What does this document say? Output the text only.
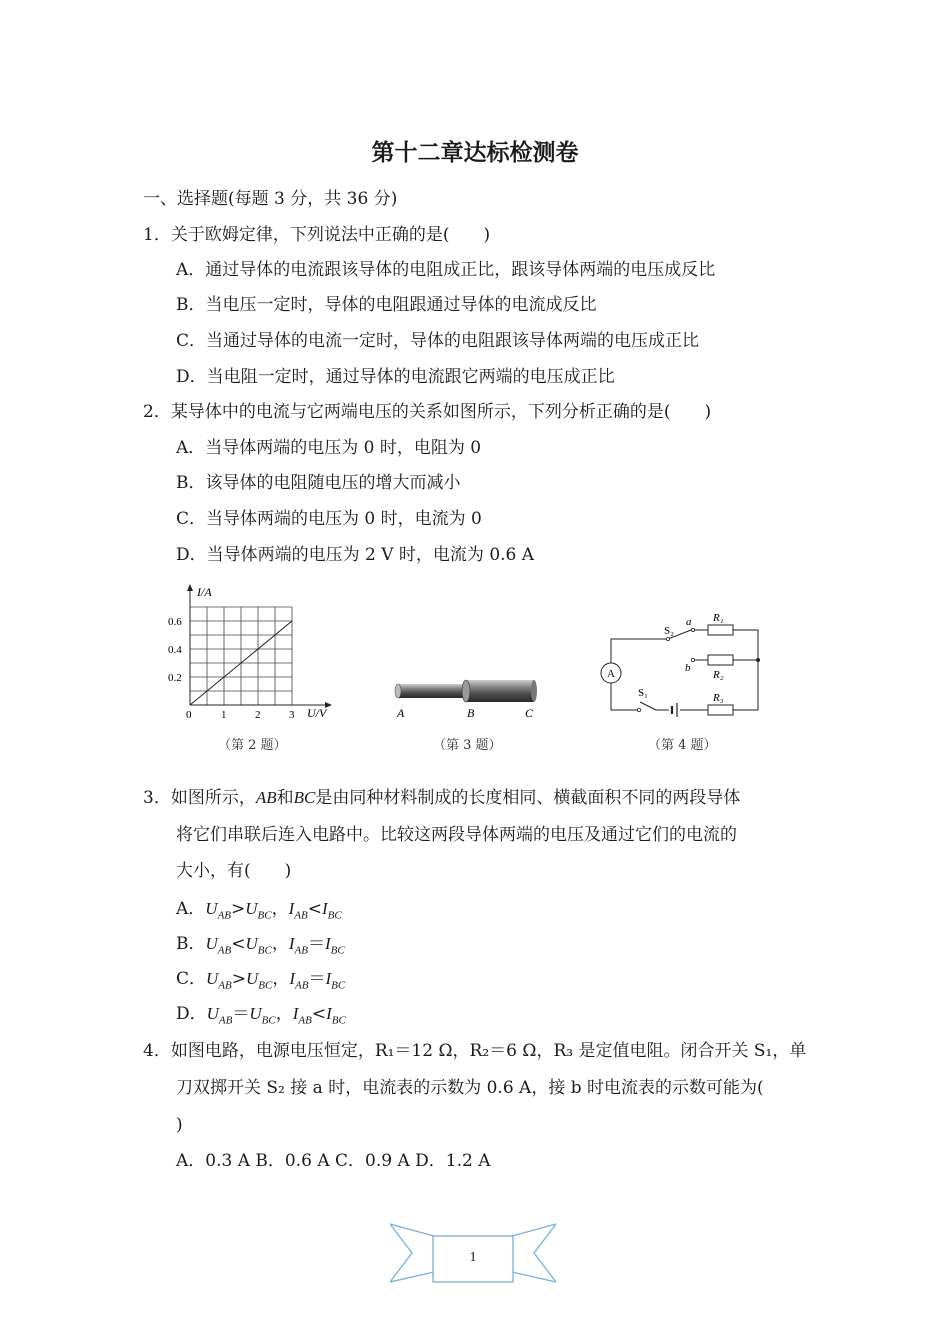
第十二章达标检测卷
一、选择题(每题 3 分，共 36 分)
1．关于欧姆定律，下列说法中正确的是(　　)
A．通过导体的电流跟该导体的电阻成正比，跟该导体两端的电压成反比
B．当电压一定时，导体的电阻跟通过导体的电流成反比
C．当通过导体的电流一定时，导体的电阻跟该导体两端的电压成正比
D．当电阻一定时，通过导体的电流跟它两端的电压成正比
2．某导体中的电流与它两端电压的关系如图所示，下列分析正确的是(　　)
A．当导体两端的电压为 0 时，电阻为 0
B．该导体的电阻随电压的增大而减小
C．当导体两端的电压为 0 时，电流为 0
D．当导体两端的电压为 2 V 时，电流为 0.6 A
I/A
U/V
0.6
0.4
0.2
0	1	2	3
（第 2 题）
A	B	C
（第 3 题）
A
S₂
a
b
R₁
R₂
R₃
S₁
（第 4 题）
3．如图所示，AB和BC是由同种材料制成的长度相同、横截面积不同的两段导体
将它们串联后连入电路中。比较这两段导体两端的电压及通过它们的电流的
大小，有(　　)
A．$U_{AB}>U_{BC}$，$I_{AB}<I_{BC}$
B．$U_{AB}<U_{BC}$，$I_{AB}=I_{BC}$
C．$U_{AB}>U_{BC}$，$I_{AB}=I_{BC}$
D．$U_{AB}=U_{BC}$，$I_{AB}<I_{BC}$
4．如图电路，电源电压恒定，R₁＝12 Ω，R₂＝6 Ω，R₃ 是定值电阻。闭合开关 S₁，单
刀双掷开关 S₂ 接 a 时，电流表的示数为 0.6 A，接 b 时电流表的示数可能为(
)
A．0.3 A B．0.6 A C．0.9 A D．1.2 A
1
